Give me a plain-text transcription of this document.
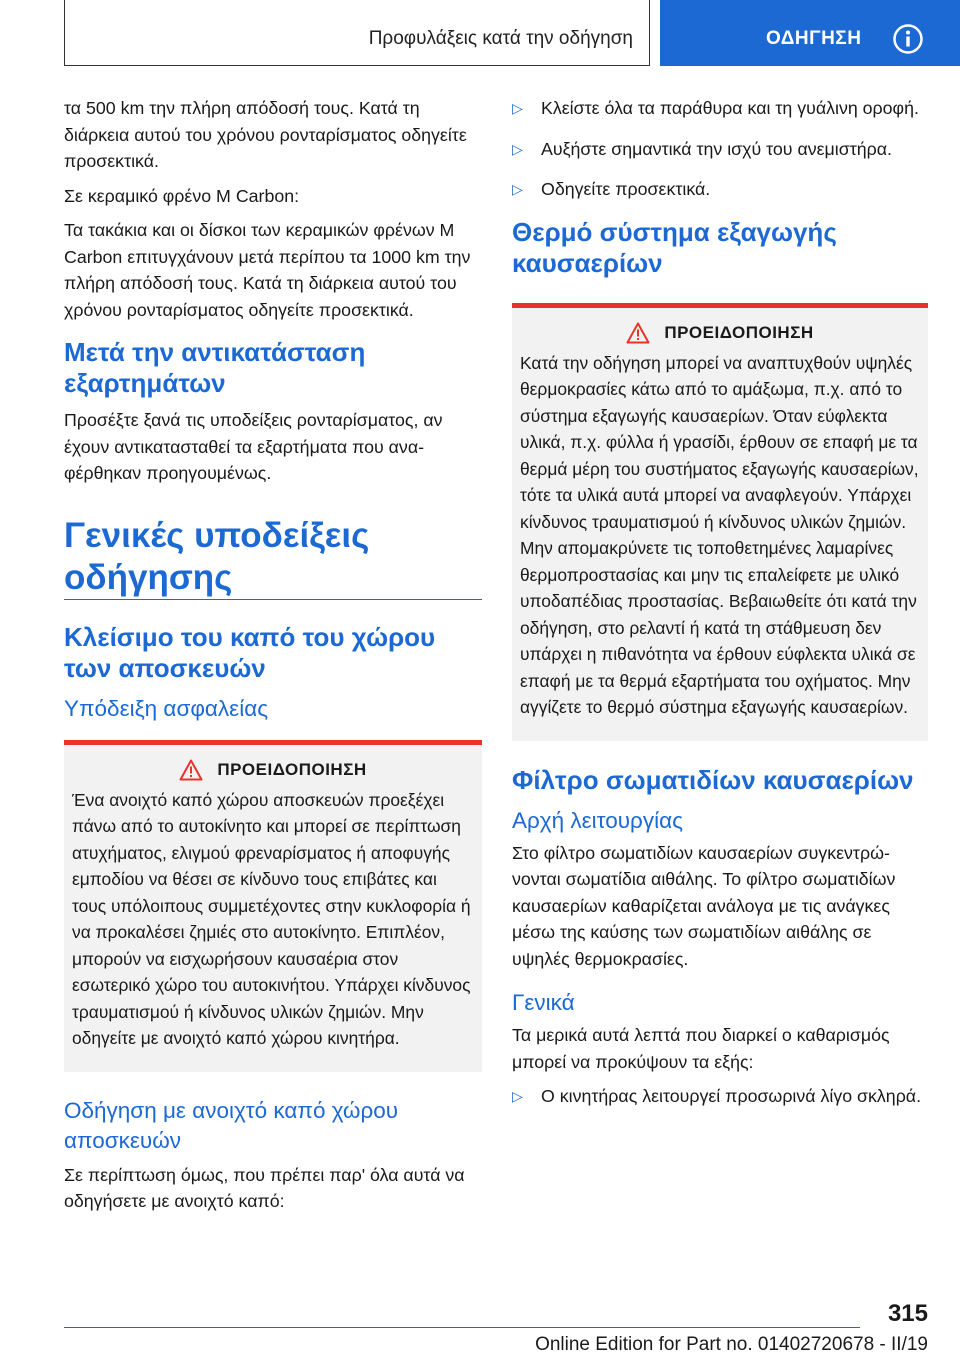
Προφυλάξεις κατά την οδήγηση	ΟΔΗΓΗΣΗ

τα 500 km την πλήρη απόδοσή τους. Κατά τη διάρκεια αυτού του χρόνου ρονταρίσματος οδηγείτε προσεκτικά.

Σε κεραμικό φρένο M Carbon:

Τα τακάκια και οι δίσκοι των κεραμικών φρένων M Carbon επιτυγχάνουν μετά περίπου τα 1000 km την πλήρη απόδοσή τους. Κατά τη διάρκεια αυτού του χρόνου ρονταρίσματος οδηγείτε προσεκτικά.

Μετά την αντικατάσταση εξαρτημάτων

Προσέξτε ξανά τις υποδείξεις ρονταρίσματος, αν έχουν αντικατασταθεί τα εξαρτήματα που αναφέρθηκαν προηγουμένως.

Γενικές υποδείξεις οδήγησης
Κλείσιμο του καπό του χώρου των αποσκευών
Υπόδειξη ασφαλείας
ΠΡΟΕΙΔΟΠΟΙΗΣΗ

Ένα ανοιχτό καπό χώρου αποσκευών προεξέχει πάνω από το αυτοκίνητο και μπορεί σε περίπτωση ατυχήματος, ελιγμού φρεναρίσματος ή αποφυγής εμποδίου να θέσει σε κίνδυνο τους επιβάτες και τους υπόλοιπους συμμετέχοντες στην κυκλοφορία ή να προκαλέσει ζημιές στο αυτοκίνητο. Επιπλέον, μπορούν να εισχωρήσουν καυσαέρια στον εσωτερικό χώρο του αυτοκινήτου. Υπάρχει κίνδυνος τραυματισμού ή κίνδυνος υλικών ζημιών. Μην οδηγείτε με ανοιχτό καπό χώρου κινητήρα.

Οδήγηση με ανοιχτό καπό χώρου αποσκευών

Σε περίπτωση όμως, που πρέπει παρ' όλα αυτά να οδηγήσετε με ανοιχτό καπό:

▷ Κλείστε όλα τα παράθυρα και τη γυάλινη οροφή.
▷ Αυξήστε σημαντικά την ισχύ του ανεμιστήρα.
▷ Οδηγείτε προσεκτικά.
Θερμό σύστημα εξαγωγής καυσαερίων
ΠΡΟΕΙΔΟΠΟΙΗΣΗ

Κατά την οδήγηση μπορεί να αναπτυχθούν υψηλές θερμοκρασίες κάτω από το αμάξωμα, π.χ. από το σύστημα εξαγωγής καυσαερίων. Όταν εύφλεκτα υλικά, π.χ. φύλλα ή γρασίδι, έρθουν σε επαφή με τα θερμά μέρη του συστήματος εξαγωγής καυσαερίων, τότε τα υλικά αυτά μπορεί να αναφλεγούν. Υπάρχει κίνδυνος τραυματισμού ή κίνδυνος υλικών ζημιών. Μην απομακρύνετε τις τοποθετημένες λαμαρίνες θερμοπροστασίας και μην τις επαλείφετε με υλικό υποδαπέδιας προστασίας. Βεβαιωθείτε ότι κατά την οδήγηση, στο ρελαντί ή κατά τη στάθμευση δεν υπάρχει η πιθανότητα να έρθουν εύφλεκτα υλικά σε επαφή με τα θερμά εξαρτήματα του οχήματος. Μην αγγίζετε το θερμό σύστημα εξαγωγής καυσαερίων.

Φίλτρο σωματιδίων καυσαερίων
Αρχή λειτουργίας

Στο φίλτρο σωματιδίων καυσαερίων συγκεντρώνονται σωματίδια αιθάλης. Το φίλτρο σωματιδίων καυσαερίων καθαρίζεται ανάλογα με τις ανάγκες μέσω της καύσης των σωματιδίων αιθάλης σε υψηλές θερμοκρασίες.

Γενικά

Τα μερικά αυτά λεπτά που διαρκεί ο καθαρισμός μπορεί να προκύψουν τα εξής:

▷ Ο κινητήρας λειτουργεί προσωρινά λίγο σκληρά.
315
Online Edition for Part no. 01402720678 - II/19
